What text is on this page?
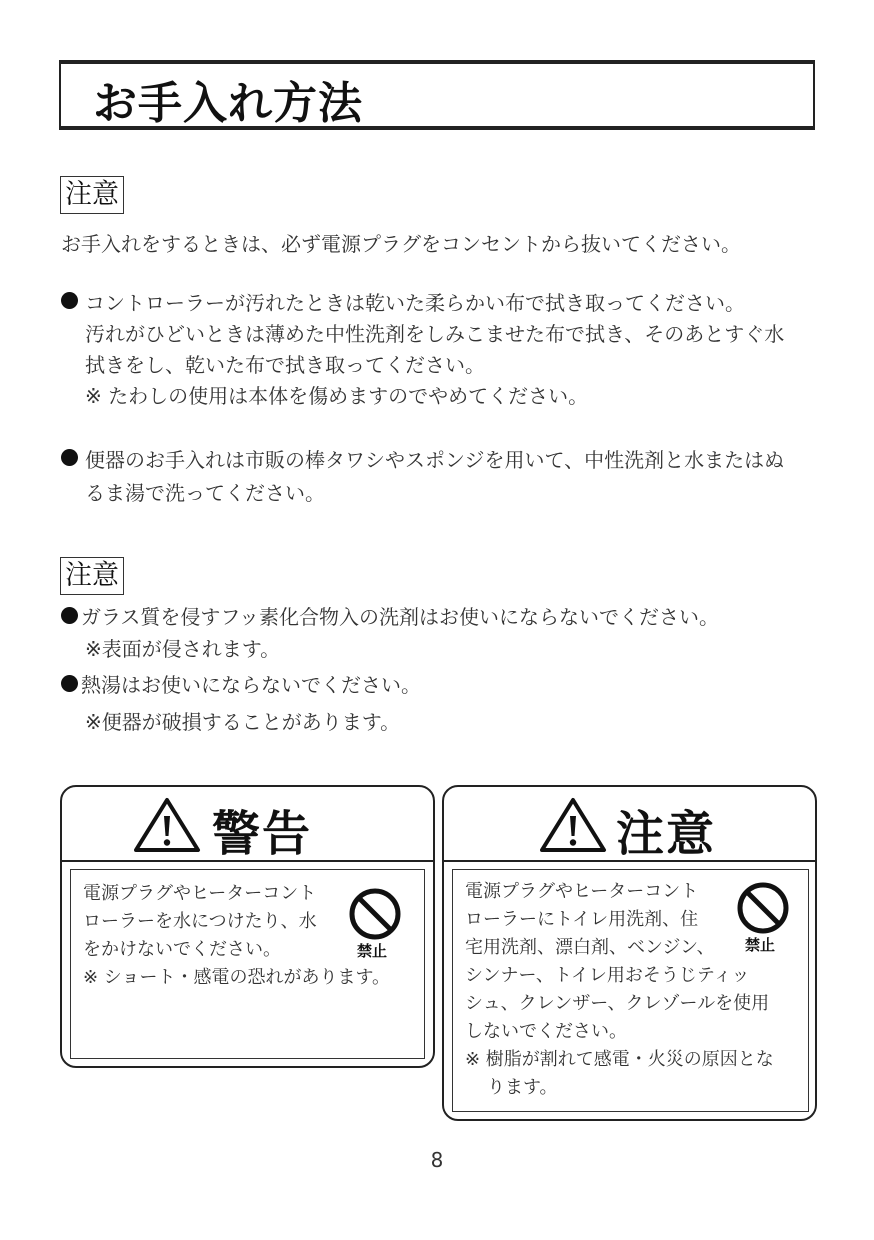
お手入れ方法
注意
お手入れをするときは、必ず電源プラグをコンセントから抜いてください。
コントローラーが汚れたときは乾いた柔らかい布で拭き取ってください。
汚れがひどいときは薄めた中性洗剤をしみこませた布で拭き、そのあとすぐ水
拭きをし、乾いた布で拭き取ってください。
※ たわしの使用は本体を傷めますのでやめてください。
便器のお手入れは市販の棒タワシやスポンジを用いて、中性洗剤と水またはぬ
るま湯で洗ってください。
注意
ガラス質を侵すフッ素化合物入の洗剤はお使いにならないでください。
※表面が侵されます。
熱湯はお使いにならないでください。
※便器が破損することがあります。
警告
電源プラグやヒーターコント
ローラーを水につけたり、水
をかけないでください。
※ ショート・感電の恐れがあります。
禁止
注意
電源プラグやヒーターコント
ローラーにトイレ用洗剤、住
宅用洗剤、漂白剤、ベンジン、
シンナー、トイレ用おそうじティッ
シュ、クレンザー、クレゾールを使用
しないでください。
※ 樹脂が割れて感電・火災の原因とな
ります。
禁止
8
